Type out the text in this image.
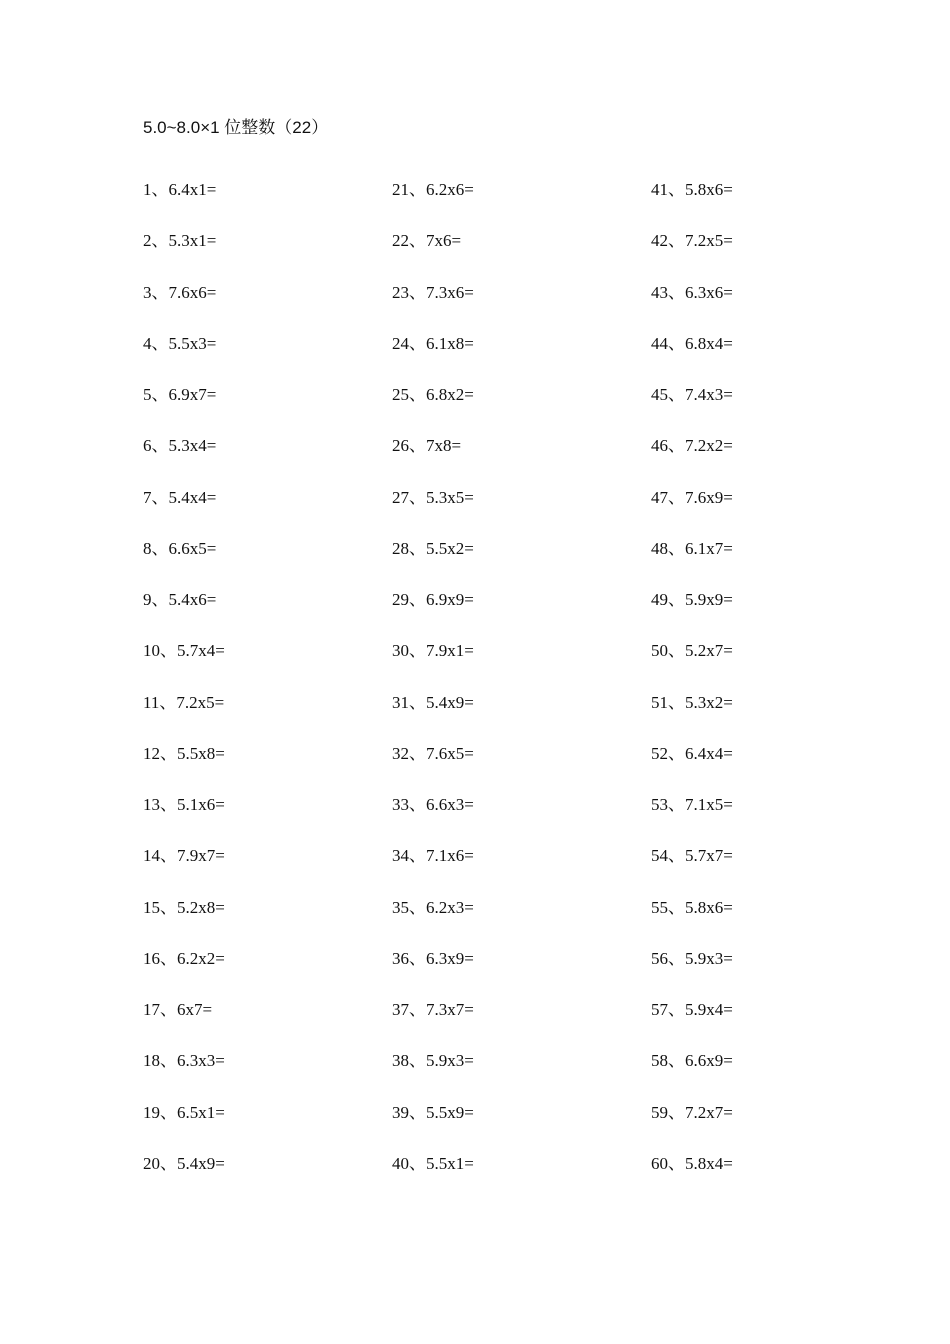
5.0~8.0×1 位整数（22）
1、6.4x1=
2、5.3x1=
3、7.6x6=
4、5.5x3=
5、6.9x7=
6、5.3x4=
7、5.4x4=
8、6.6x5=
9、5.4x6=
10、5.7x4=
11、7.2x5=
12、5.5x8=
13、5.1x6=
14、7.9x7=
15、5.2x8=
16、6.2x2=
17、6x7=
18、6.3x3=
19、6.5x1=
20、5.4x9=
21、6.2x6=
22、7x6=
23、7.3x6=
24、6.1x8=
25、6.8x2=
26、7x8=
27、5.3x5=
28、5.5x2=
29、6.9x9=
30、7.9x1=
31、5.4x9=
32、7.6x5=
33、6.6x3=
34、7.1x6=
35、6.2x3=
36、6.3x9=
37、7.3x7=
38、5.9x3=
39、5.5x9=
40、5.5x1=
41、5.8x6=
42、7.2x5=
43、6.3x6=
44、6.8x4=
45、7.4x3=
46、7.2x2=
47、7.6x9=
48、6.1x7=
49、5.9x9=
50、5.2x7=
51、5.3x2=
52、6.4x4=
53、7.1x5=
54、5.7x7=
55、5.8x6=
56、5.9x3=
57、5.9x4=
58、6.6x9=
59、7.2x7=
60、5.8x4=
